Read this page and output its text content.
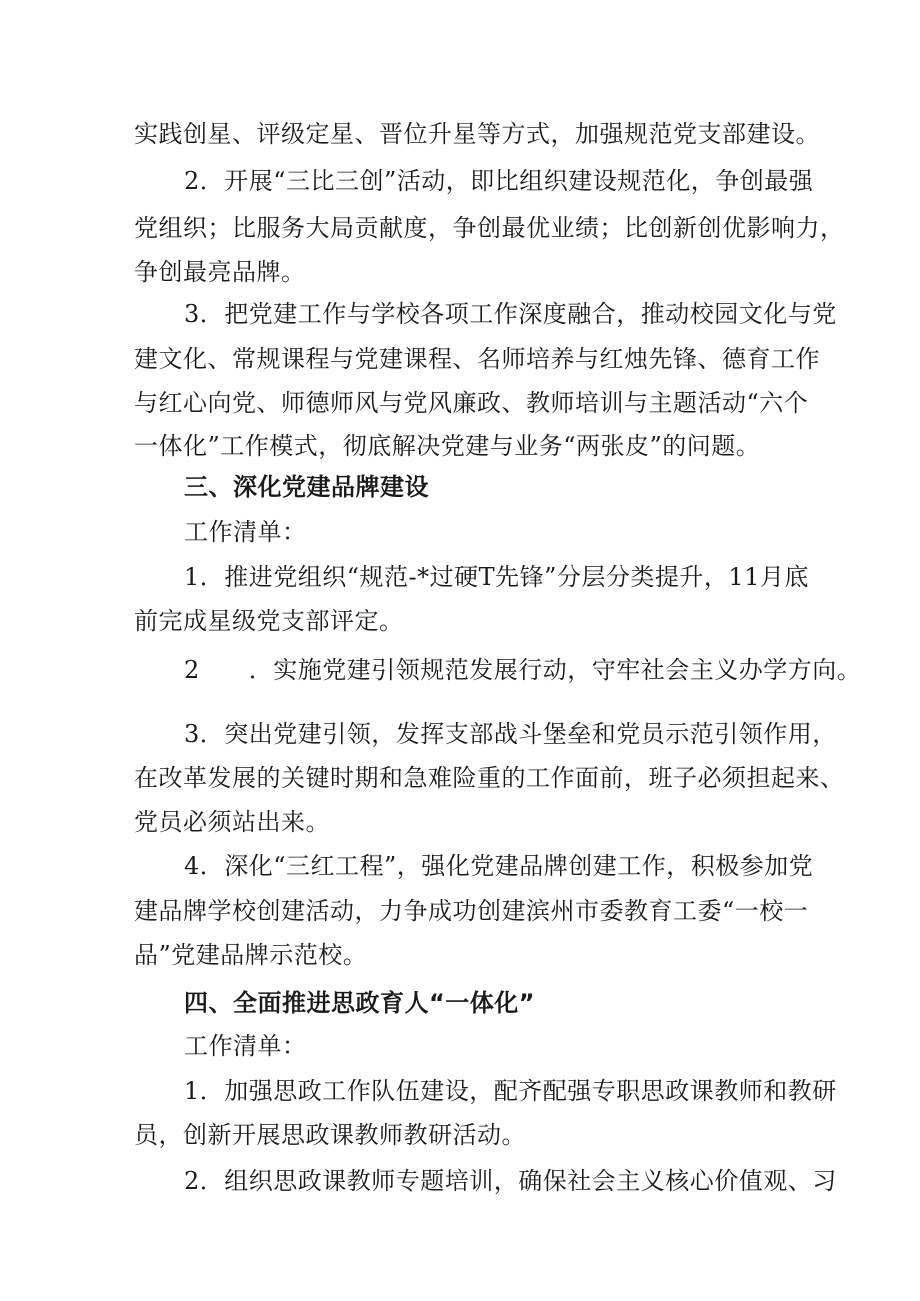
实践创星、评级定星、晋位升星等方式，加强规范党支部建设。
2．开展“三比三创”活动，即比组织建设规范化，争创最强
党组织；比服务大局贡献度，争创最优业绩；比创新创优影响力，
争创最亮品牌。
3．把党建工作与学校各项工作深度融合，推动校园文化与党
建文化、常规课程与党建课程、名师培养与红烛先锋、德育工作
与红心向党、师德师风与党风廉政、教师培训与主题活动“六个
一体化”工作模式，彻底解决党建与业务“两张皮”的问题。
三、深化党建品牌建设
工作清单：
1．推进党组织“规范-*过硬T先锋”分层分类提升，11月底
前完成星级党支部评定。
2　　．实施党建引领规范发展行动，守牢社会主义办学方向。
3．突出党建引领，发挥支部战斗堡垒和党员示范引领作用，
在改革发展的关键时期和急难险重的工作面前，班子必须担起来、
党员必须站出来。
4．深化“三红工程”，强化党建品牌创建工作，积极参加党
建品牌学校创建活动，力争成功创建滨州市委教育工委“一校一
品”党建品牌示范校。
四、全面推进思政育人“一体化”
工作清单：
1．加强思政工作队伍建设，配齐配强专职思政课教师和教研
员，创新开展思政课教师教研活动。
2．组织思政课教师专题培训，确保社会主义核心价值观、习
